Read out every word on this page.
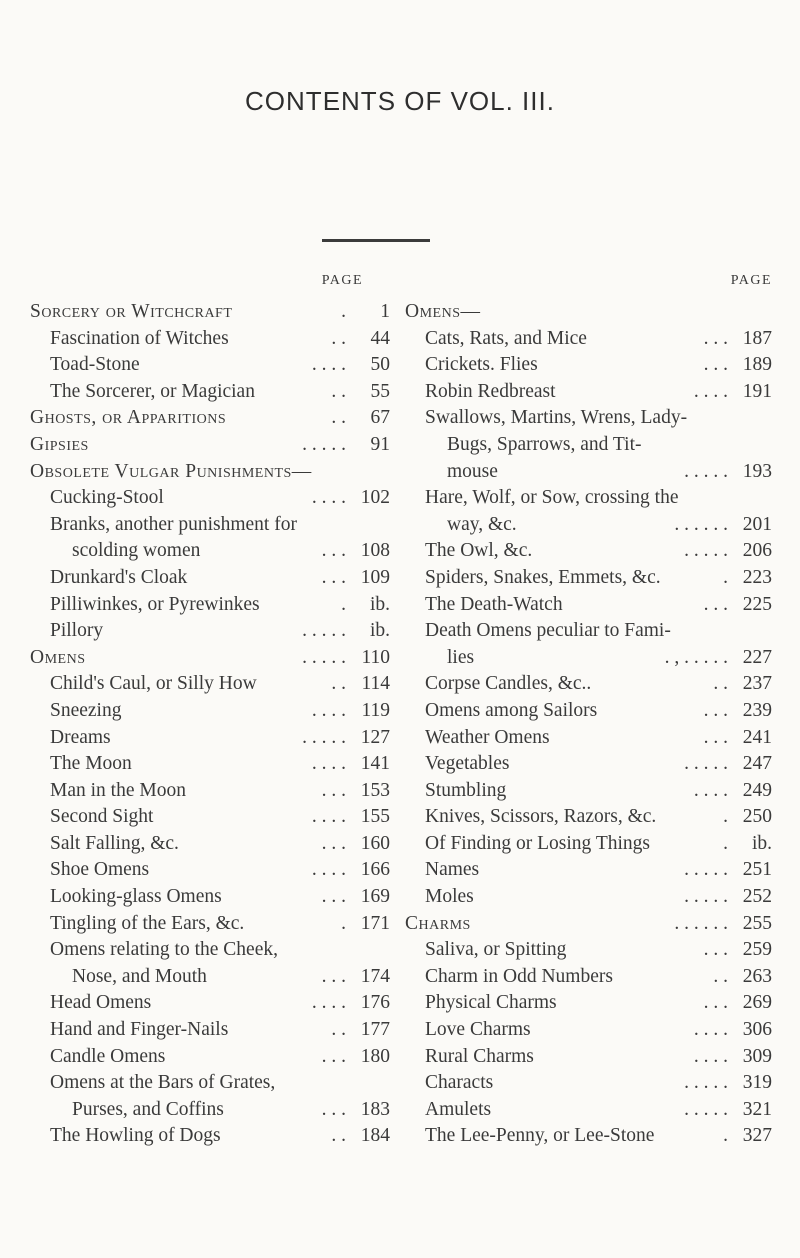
CONTENTS OF VOL. III.
PAGE
Sorcery or Witchcraft	. 1
Fascination of Witches	. . 44
Toad-Stone	. . . . 50
The Sorcerer, or Magician	. . 55
Ghosts, or Apparitions	. . 67
Gipsies	. . . . . 91
Obsolete Vulgar Punishments—
Cucking-Stool	. . . . 102
Branks, another punishment for
scolding women	. . . 108
Drunkard's Cloak	. . . 109
Pilliwinkes, or Pyrewinkes	. ib.
Pillory	. . . . . ib.
Omens	. . . . . 110
Child's Caul, or Silly How	. . 114
Sneezing	. . . . 119
Dreams	. . . . . 127
The Moon	. . . . 141
Man in the Moon	. . . 153
Second Sight	. . . . 155
Salt Falling, &c.	. . . 160
Shoe Omens	. . . . 166
Looking-glass Omens	. . . 169
Tingling of the Ears, &c.	. 171
Omens relating to the Cheek,
Nose, and Mouth	. . . 174
Head Omens	. . . . 176
Hand and Finger-Nails	. . 177
Candle Omens	. . . 180
Omens at the Bars of Grates,
Purses, and Coffins	. . . 183
The Howling of Dogs	. . 184
PAGE
Omens—
Cats, Rats, and Mice	. . . 187
Crickets. Flies	. . . 189
Robin Redbreast	. . . . 191
Swallows, Martins, Wrens, Lady-
Bugs, Sparrows, and Tit-
mouse	. . . . . 193
Hare, Wolf, or Sow, crossing the
way, &c.	. . . . . . 201
The Owl, &c.	. . . . . 206
Spiders, Snakes, Emmets, &c.	. 223
The Death-Watch	. . . 225
Death Omens peculiar to Fami-
lies	. , . . . . . 227
Corpse Candles, &c..	. . 237
Omens among Sailors	. . . 239
Weather Omens	. . . 241
Vegetables	. . . . . 247
Stumbling	. . . . 249
Knives, Scissors, Razors, &c.	. 250
Of Finding or Losing Things	. ib.
Names	. . . . . 251
Moles	. . . . . 252
Charms	. . . . . . 255
Saliva, or Spitting	. . . 259
Charm in Odd Numbers	. . 263
Physical Charms	. . . 269
Love Charms	. . . . 306
Rural Charms	. . . . 309
Characts	. . . . . 319
Amulets	. . . . . 321
The Lee-Penny, or Lee-Stone	. 327
